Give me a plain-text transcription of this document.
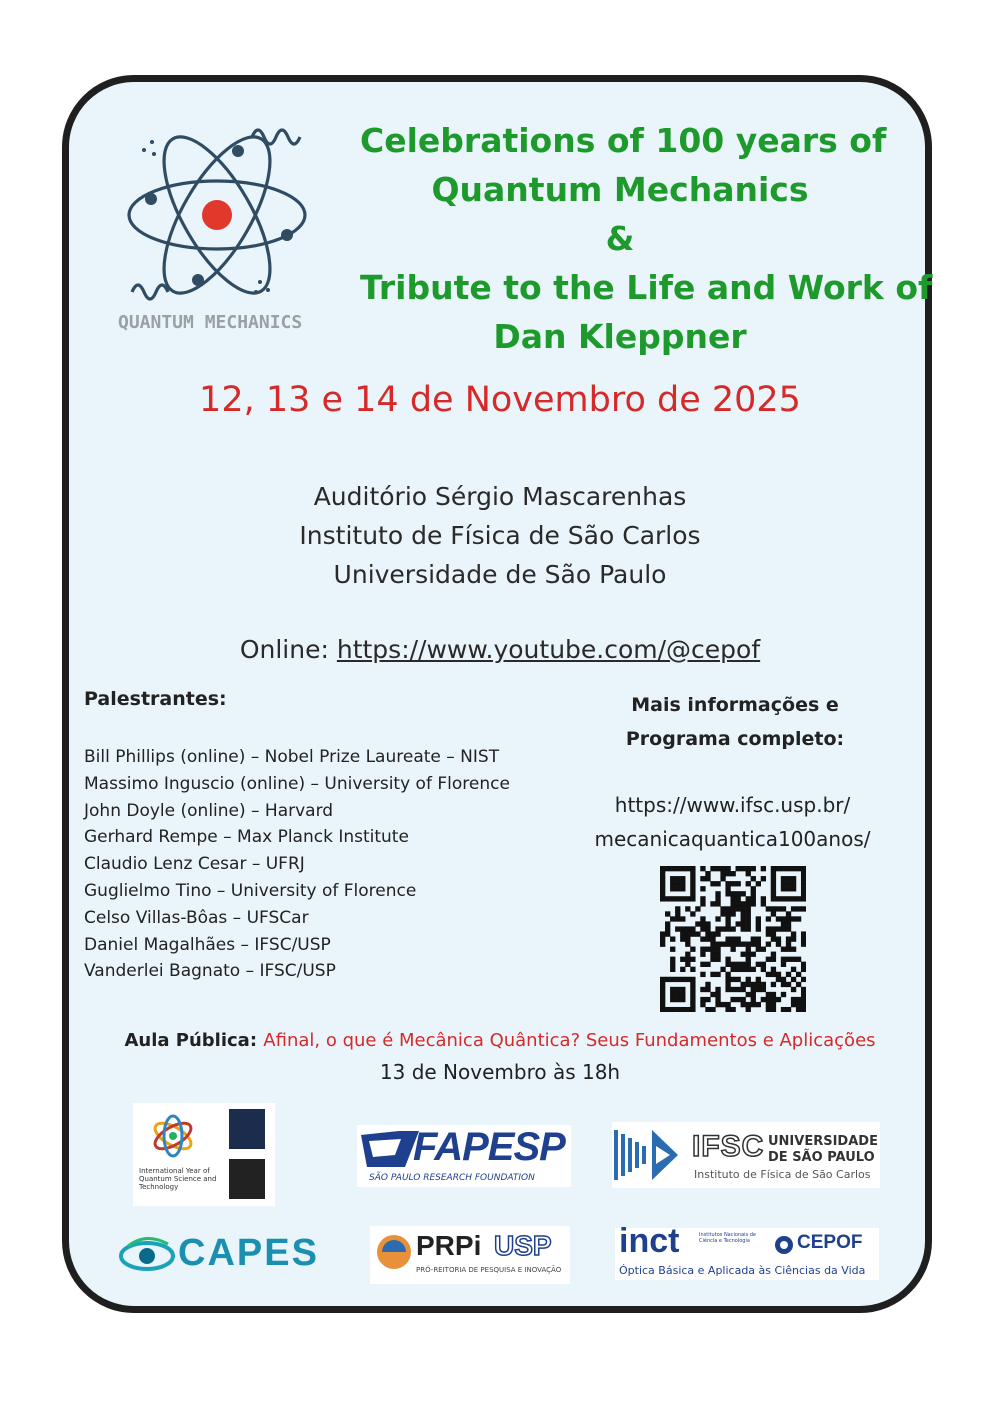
QUANTUM MECHANICS
Celebrations of 100 years of
Quantum Mechanics
&
Tribute to the Life and Work of
Dan Kleppner
12, 13 e 14 de Novembro de 2025
Auditório Sérgio Mascarenhas
Instituto de Física de São Carlos
Universidade de São Paulo
Online: https://www.youtube.com/@cepof
Palestrantes:
Bill Phillips (online) – Nobel Prize Laureate – NIST
Massimo Inguscio (online) – University of Florence
John Doyle (online) – Harvard
Gerhard Rempe – Max Planck Institute
Claudio Lenz Cesar – UFRJ
Guglielmo Tino – University of Florence
Celso Villas-Bôas – UFSCar
Daniel Magalhães – IFSC/USP
Vanderlei Bagnato – IFSC/USP
Mais informações e
Programa completo:
https://www.ifsc.usp.br/
mecanicaquantica100anos/
Aula Pública: Afinal, o que é Mecânica Quântica? Seus Fundamentos e Aplicações
13 de Novembro às 18h
International Year of Quantum Science and Technology
FAPESP
SÃO PAULO RESEARCH FOUNDATION
IFSC UNIVERSIDADE
DE SÃO PAULO
Instituto de Física de São Carlos
CAPES	PRPi USP
PRÓ-REITORIA DE PESQUISA E INOVAÇÃO
inct	Institutos Nacionais de Ciência e Tecnologia	CEPOF
Óptica Básica e Aplicada às Ciências da Vida
